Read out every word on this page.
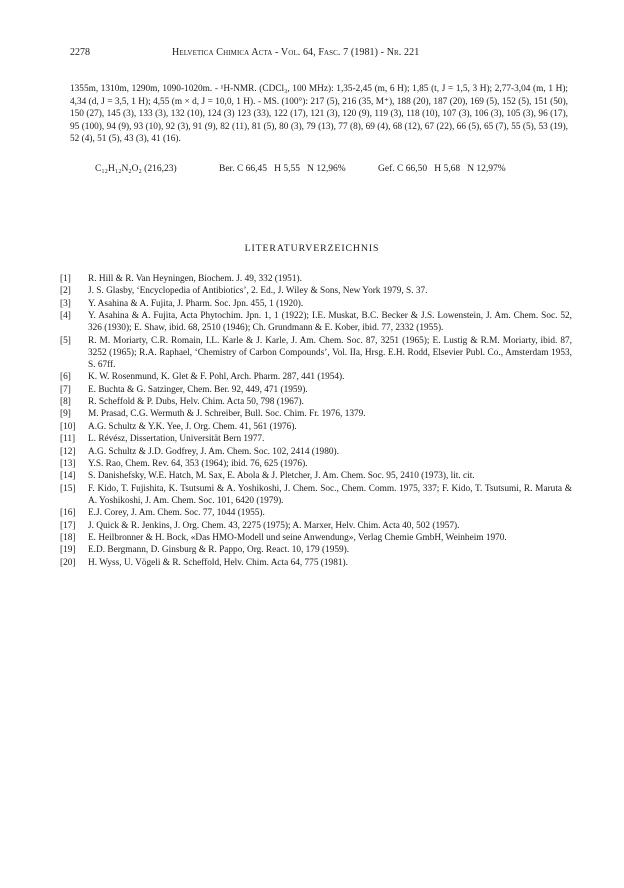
2278	Helvetica Chimica Acta - Vol. 64, Fasc. 7 (1981) - Nr. 221

1355m, 1310m, 1290m, 1090-1020m. - ¹H-NMR. (CDCl₃, 100 MHz): 1,35-2,45 (m, 6 H); 1,85 (t, J = 1,5, 3 H); 2,77-3,04 (m, 1 H); 4,34 (d, J = 3,5, 1 H); 4,55 (m × d, J = 10,0, 1 H). - MS. (100°): 217 (5), 216 (35, M⁺), 188 (20), 187 (20), 169 (5), 152 (5), 151 (50), 150 (27), 145 (3), 133 (3), 132 (10), 124 (3) 123 (33), 122 (17), 121 (3), 120 (9), 119 (3), 118 (10), 107 (3), 106 (3), 105 (3), 96 (17), 95 (100), 94 (9), 93 (10), 92 (3), 91 (9), 82 (11), 81 (5), 80 (3), 79 (13), 77 (8), 69 (4), 68 (12), 67 (22), 66 (5), 65 (7), 55 (5), 53 (19), 52 (4), 51 (5), 43 (3), 41 (16).

C₁₂H₁₂N₂O₂ (216,23)	Ber. C 66,45   H 5,55   N 12,96%	Gef. C 66,50   H 5,68   N 12,97%
LITERATURVERZEICHNIS
[1]	R. Hill & R. Van Heyningen, Biochem. J. 49, 332 (1951).
[2]	J. S. Glasby, ‘Encyclopedia of Antibiotics’, 2. Ed., J. Wiley & Sons, New York 1979, S. 37.
[3]	Y. Asahina & A. Fujita, J. Pharm. Soc. Jpn. 455, 1 (1920).
[4]	Y. Asahina & A. Fujita, Acta Phytochim. Jpn. 1, 1 (1922); I.E. Muskat, B.C. Becker & J.S. Lowenstein, J. Am. Chem. Soc. 52, 326 (1930); E. Shaw, ibid. 68, 2510 (1946); Ch. Grundmann & E. Kober, ibid. 77, 2332 (1955).
[5]	R. M. Moriarty, C.R. Romain, I.L. Karle & J. Karle, J. Am. Chem. Soc. 87, 3251 (1965); E. Lustig & R.M. Moriarty, ibid. 87, 3252 (1965); R.A. Raphael, ‘Chemistry of Carbon Compounds’, Vol. IIa, Hrsg. E.H. Rodd, Elsevier Publ. Co., Amsterdam 1953, S. 67ff.
[6]	K. W. Rosenmund, K. Glet & F. Pohl, Arch. Pharm. 287, 441 (1954).
[7]	E. Buchta & G. Satzinger, Chem. Ber. 92, 449, 471 (1959).
[8]	R. Scheffold & P. Dubs, Helv. Chim. Acta 50, 798 (1967).
[9]	M. Prasad, C.G. Wermuth & J. Schreiber, Bull. Soc. Chim. Fr. 1976, 1379.
[10]	A.G. Schultz & Y.K. Yee, J. Org. Chem. 41, 561 (1976).
[11]	L. Révész, Dissertation, Universität Bern 1977.
[12]	A.G. Schultz & J.D. Godfrey, J. Am. Chem. Soc. 102, 2414 (1980).
[13]	Y.S. Rao, Chem. Rev. 64, 353 (1964); ibid. 76, 625 (1976).
[14]	S. Danishefsky, W.E. Hatch, M. Sax, E. Abola & J. Pletcher, J. Am. Chem. Soc. 95, 2410 (1973), lit. cit.
[15]	F. Kido, T. Fujishita, K. Tsutsumi & A. Yoshikoshi, J. Chem. Soc., Chem. Comm. 1975, 337; F. Kido, T. Tsutsumi, R. Maruta & A. Yoshikoshi, J. Am. Chem. Soc. 101, 6420 (1979).
[16]	E.J. Corey, J. Am. Chem. Soc. 77, 1044 (1955).
[17]	J. Quick & R. Jenkins, J. Org. Chem. 43, 2275 (1975); A. Marxer, Helv. Chim. Acta 40, 502 (1957).
[18]	E. Heilbronner & H. Bock, «Das HMO-Modell und seine Anwendung», Verlag Chemie GmbH, Weinheim 1970.
[19]	E.D. Bergmann, D. Ginsburg & R. Pappo, Org. React. 10, 179 (1959).
[20]	H. Wyss, U. Vögeli & R. Scheffold, Helv. Chim. Acta 64, 775 (1981).
